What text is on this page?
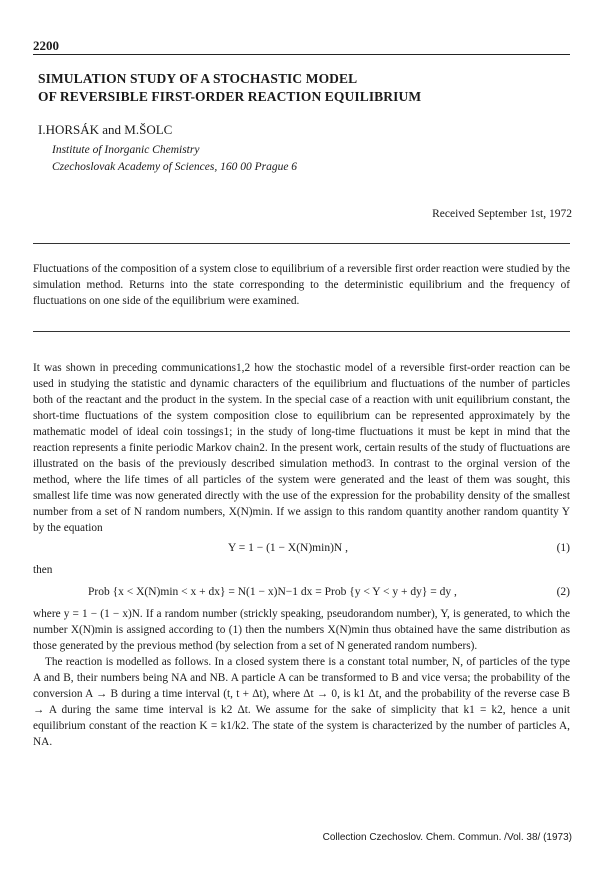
2200
SIMULATION STUDY OF A STOCHASTIC MODEL
OF REVERSIBLE FIRST-ORDER REACTION EQUILIBRIUM
I.HORSÁK and M.ŠOLC
Institute of Inorganic Chemistry
Czechoslovak Academy of Sciences, 160 00 Prague 6
Received September 1st, 1972
Fluctuations of the composition of a system close to equilibrium of a reversible first order reaction were studied by the simulation method. Returns into the state corresponding to the deterministic equilibrium and the frequency of fluctuations on one side of the equilibrium were examined.

It was shown in preceding communications1,2 how the stochastic model of a reversible first-order reaction can be used in studying the statistic and dynamic characters of the equilibrium and fluctuations of the number of particles both of the reactant and the product in the system. In the special case of a reaction with unit equilibrium constant, the short-time fluctuations of the system composition close to equilibrium can be represented approximately by the mathematic model of ideal coin tossings1; in the study of long-time fluctuations it must be kept in mind that the reaction represents a finite periodic Markov chain2. In the present work, certain results of the study of fluctuations are illustrated on the basis of the previously described simulation method3. In contrast to the orginal version of the method, where the life times of all particles of the system were generated and the least of them was sought, this smallest life time was now generated directly with the use of the expression for the probability density of the smallest number from a set of N random numbers, X(N)min. If we assign to this random quantity another random quantity Y by the equation

Y = 1 − (1 − X(N)min)N ,	(1)

then

Prob {x < X(N)min < x + dx} = N(1 − x)N−1 dx = Prob {y < Y < y + dy} = dy ,	(2)

where y = 1 − (1 − x)N. If a random number (strickly speaking, pseudorandom number), Y, is generated, to which the number X(N)min is assigned according to (1) then the numbers X(N)min thus obtained have the same distribution as those generated by the previous method (by selection from a set of N generated random numbers).

The reaction is modelled as follows. In a closed system there is a constant total number, N, of particles of the type A and B, their numbers being NA and NB. A particle A can be transformed to B and vice versa; the probability of the conversion A → B during a time interval (t, t + Δt), where Δt → 0, is k1 Δt, and the probability of the reverse case B → A during the same time interval is k2 Δt. We assume for the sake of simplicity that k1 = k2, hence a unit equilibrium constant of the reaction K = k1/k2. The state of the system is characterized by the number of particles A, NA.

Collection Czechoslov. Chem. Commun. /Vol. 38/ (1973)
